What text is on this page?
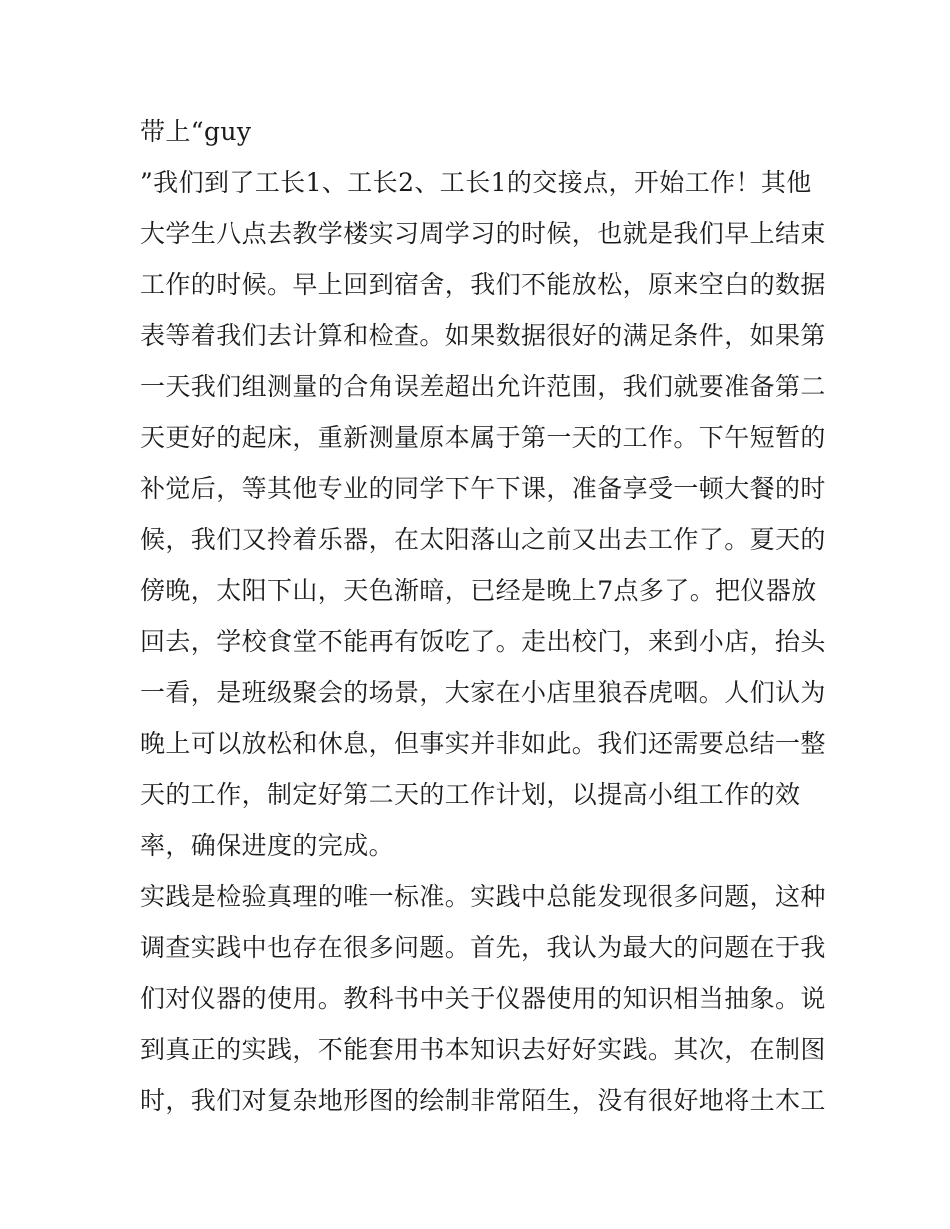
带上“guy
”我们到了工长1、工长2、工长1的交接点，开始工作！其他
大学生八点去教学楼实习周学习的时候，也就是我们早上结束
工作的时候。早上回到宿舍，我们不能放松，原来空白的数据
表等着我们去计算和检查。如果数据很好的满足条件，如果第
一天我们组测量的合角误差超出允许范围，我们就要准备第二
天更好的起床，重新测量原本属于第一天的工作。下午短暂的
补觉后，等其他专业的同学下午下课，准备享受一顿大餐的时
候，我们又拎着乐器，在太阳落山之前又出去工作了。夏天的
傍晚，太阳下山，天色渐暗，已经是晚上7点多了。把仪器放
回去，学校食堂不能再有饭吃了。走出校门，来到小店，抬头
一看，是班级聚会的场景，大家在小店里狼吞虎咽。人们认为
晚上可以放松和休息，但事实并非如此。我们还需要总结一整
天的工作，制定好第二天的工作计划，以提高小组工作的效
率，确保进度的完成。
实践是检验真理的唯一标准。实践中总能发现很多问题，这种
调查实践中也存在很多问题。首先，我认为最大的问题在于我
们对仪器的使用。教科书中关于仪器使用的知识相当抽象。说
到真正的实践，不能套用书本知识去好好实践。其次，在制图
时，我们对复杂地形图的绘制非常陌生，没有很好地将土木工
